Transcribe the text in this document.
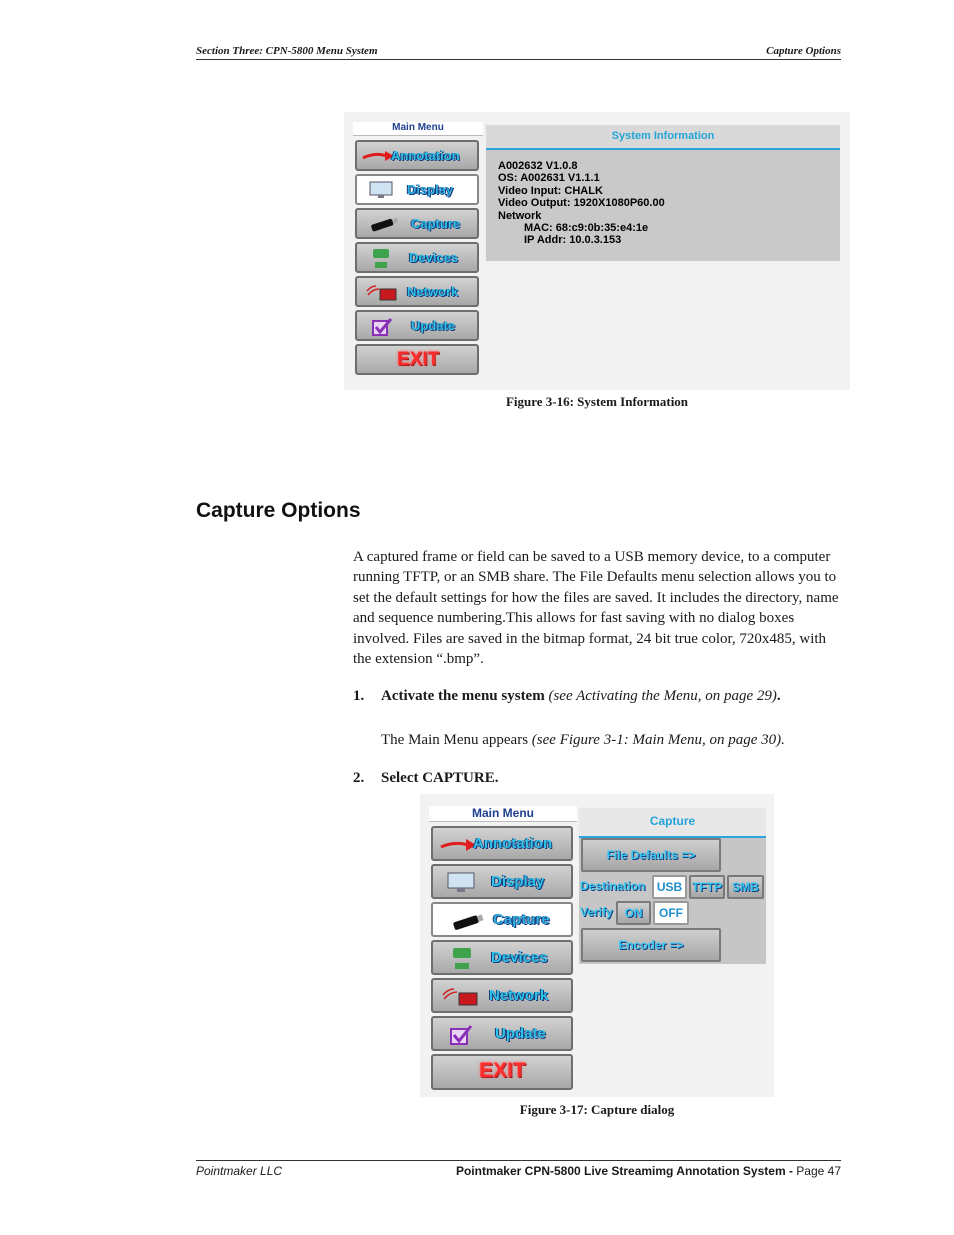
Section Three: CPN-5800 Menu System	Capture Options
Main Menu
Annotation
Display
Capture
Devices
Network
Update
EXIT
System Information
A002632 V1.0.8
OS: A002631 V1.1.1
Video Input: CHALK
Video Output: 1920X1080P60.00
Network
MAC: 68:c9:0b:35:e4:1e
IP Addr: 10.0.3.153
Figure 3-16: System Information
Capture Options
A captured frame or field can be saved to a USB memory device, to a computer running TFTP, or an SMB share. The File Defaults menu selection allows you to set the default settings for how the files are saved. It includes the directory, name and sequence numbering.This allows for fast saving with no dialog boxes involved. Files are saved in the bitmap format, 24 bit true color, 720x485, with the extension “.bmp”.
1. Activate the menu system (see Activating the Menu, on page 29).
The Main Menu appears (see Figure 3-1: Main Menu, on page 30).
2. Select CAPTURE.
Main Menu
Annotation
Display
Capture
Devices
Network
Update
EXIT
Capture
File Defaults =>
Destination USB TFTP SMB
Verify ON	OFF
Encoder =>
Figure 3-17: Capture dialog
Pointmaker LLC	Pointmaker CPN-5800 Live Streamimg Annotation System - Page 47
